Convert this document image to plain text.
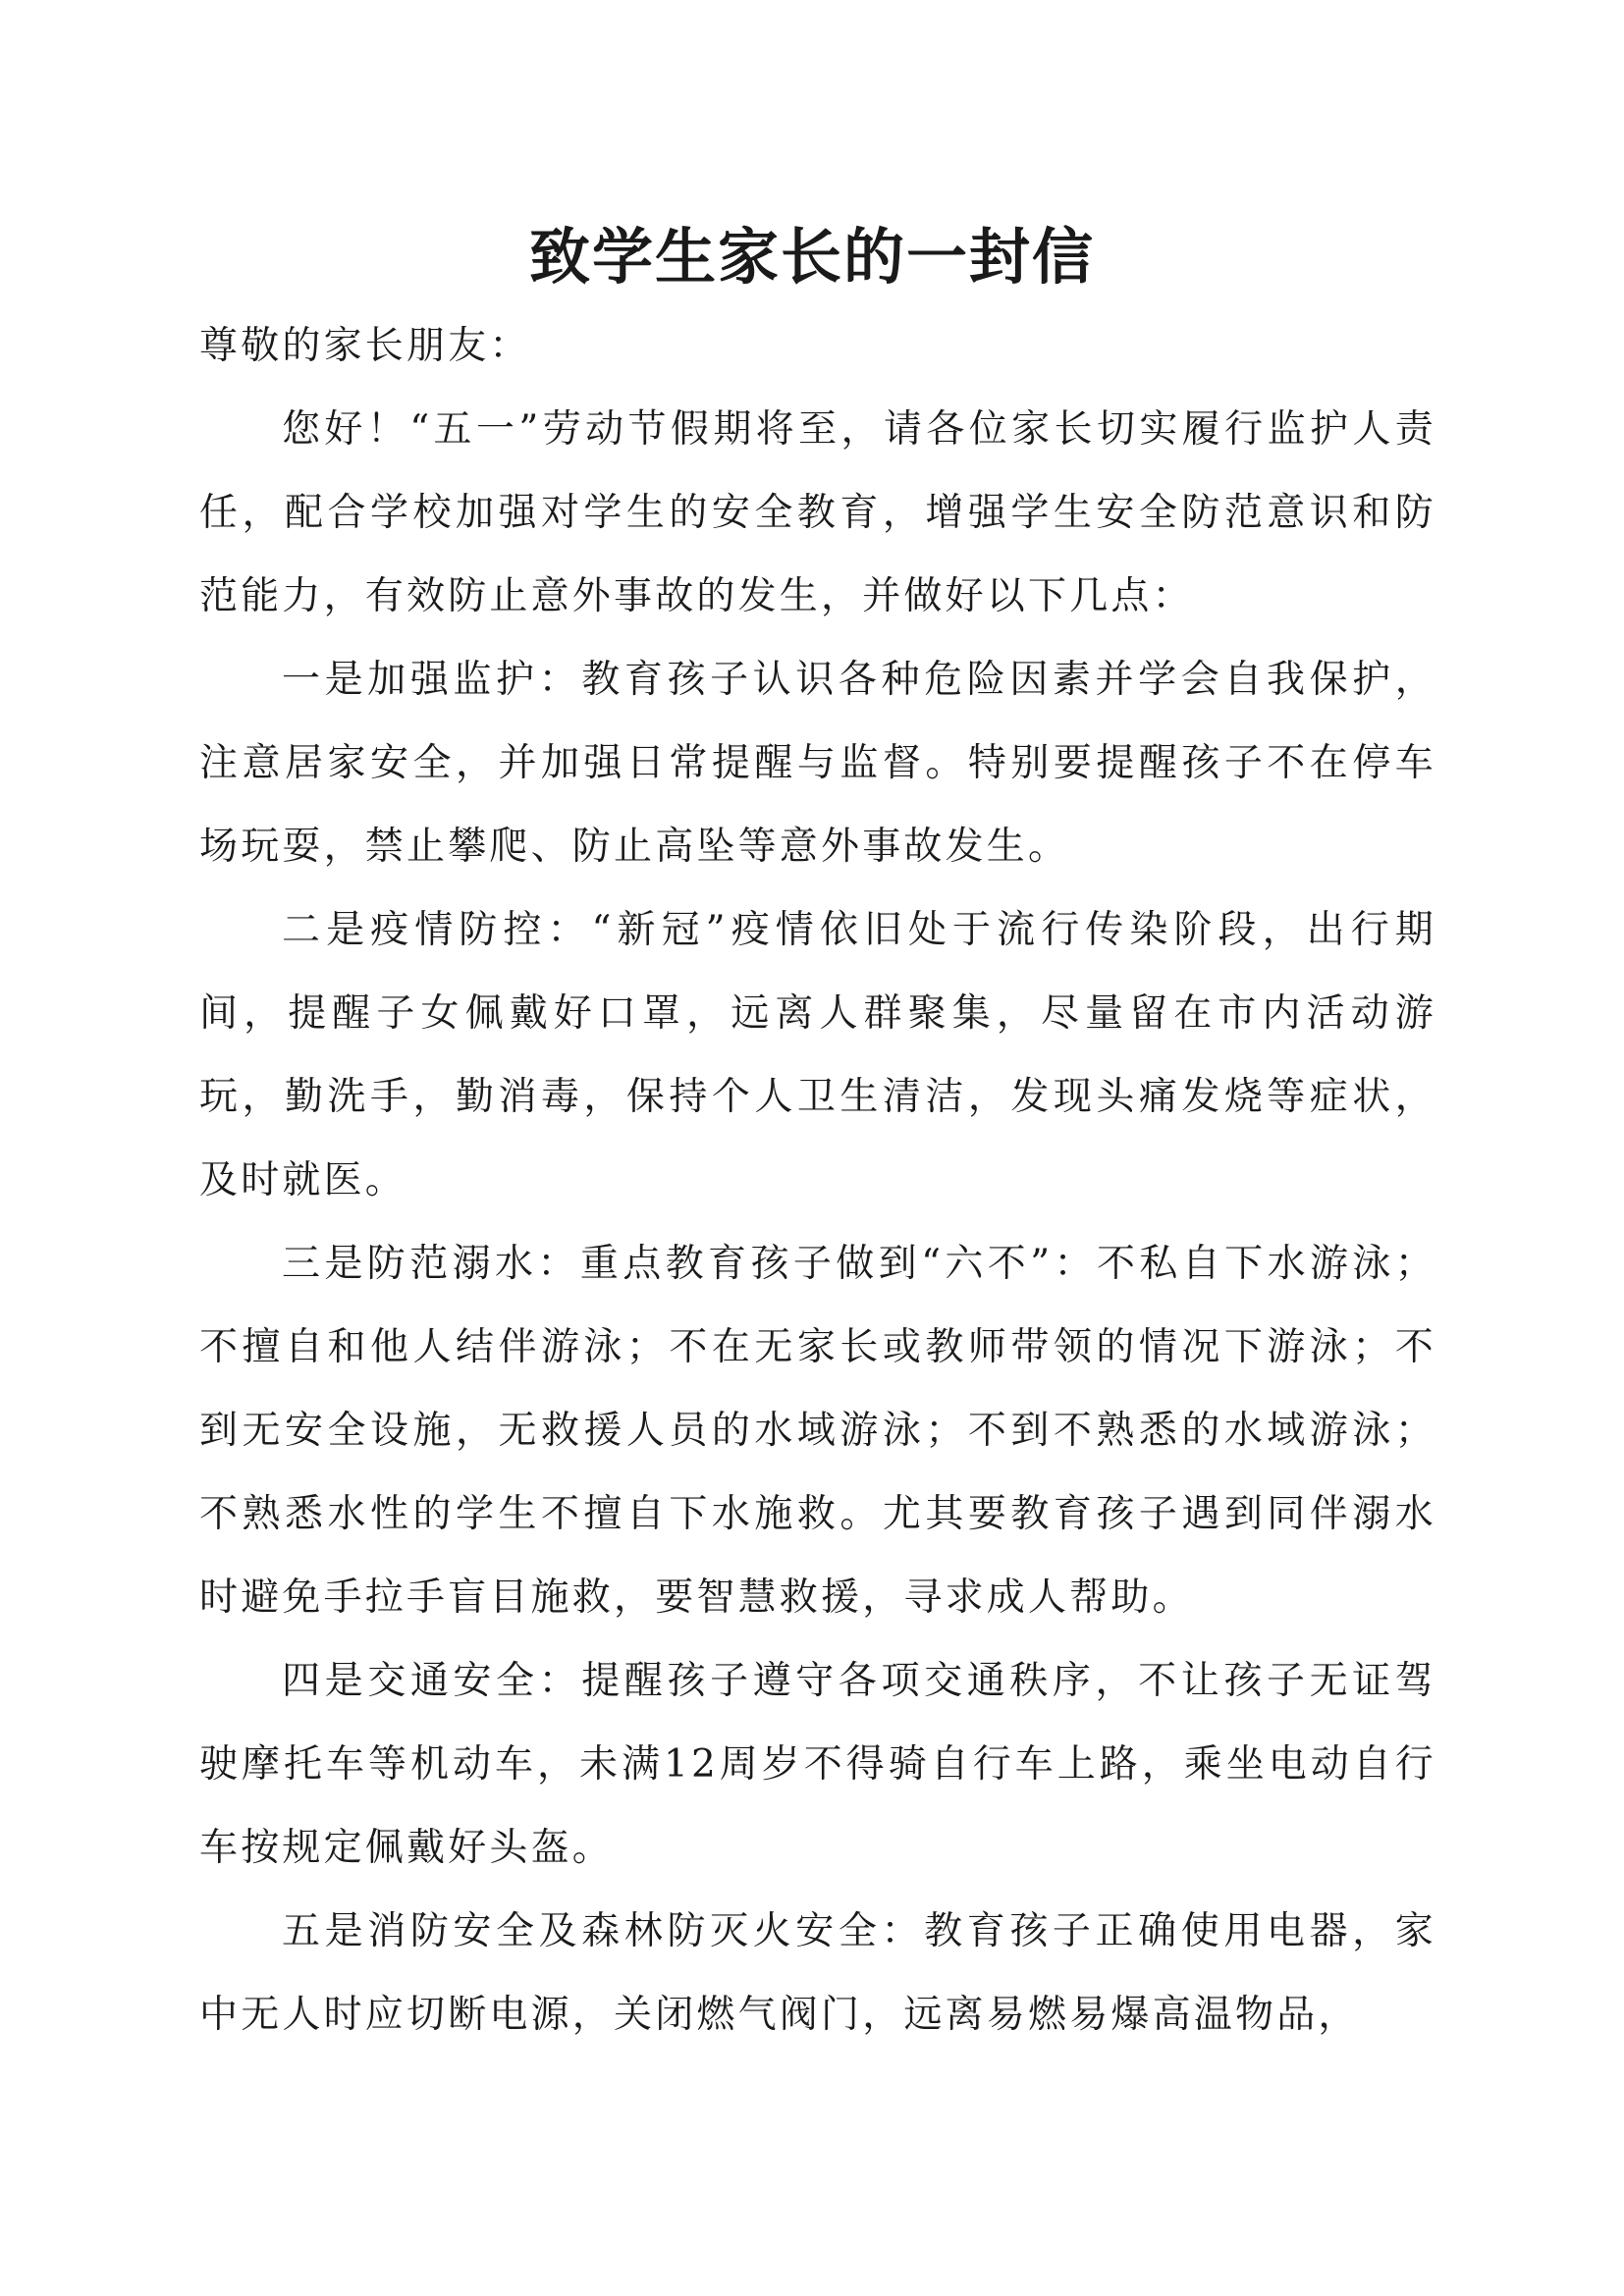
致学生家长的一封信

尊敬的家长朋友：

您好！“五一”劳动节假期将至，请各位家长切实履行监护人责任，配合学校加强对学生的安全教育，增强学生安全防范意识和防范能力，有效防止意外事故的发生，并做好以下几点：

一是加强监护：教育孩子认识各种危险因素并学会自我保护，注意居家安全，并加强日常提醒与监督。特别要提醒孩子不在停车场玩耍，禁止攀爬、防止高坠等意外事故发生。

二是疫情防控：“新冠”疫情依旧处于流行传染阶段，出行期间，提醒子女佩戴好口罩，远离人群聚集，尽量留在市内活动游玩，勤洗手，勤消毒，保持个人卫生清洁，发现头痛发烧等症状，及时就医。

三是防范溺水：重点教育孩子做到“六不”：不私自下水游泳；不擅自和他人结伴游泳；不在无家长或教师带领的情况下游泳；不到无安全设施，无救援人员的水域游泳；不到不熟悉的水域游泳；不熟悉水性的学生不擅自下水施救。尤其要教育孩子遇到同伴溺水时避免手拉手盲目施救，要智慧救援，寻求成人帮助。

四是交通安全：提醒孩子遵守各项交通秩序，不让孩子无证驾驶摩托车等机动车，未满12周岁不得骑自行车上路，乘坐电动自行车按规定佩戴好头盔。

五是消防安全及森林防灭火安全：教育孩子正确使用电器，家中无人时应切断电源，关闭燃气阀门，远离易燃易爆高温物品，
